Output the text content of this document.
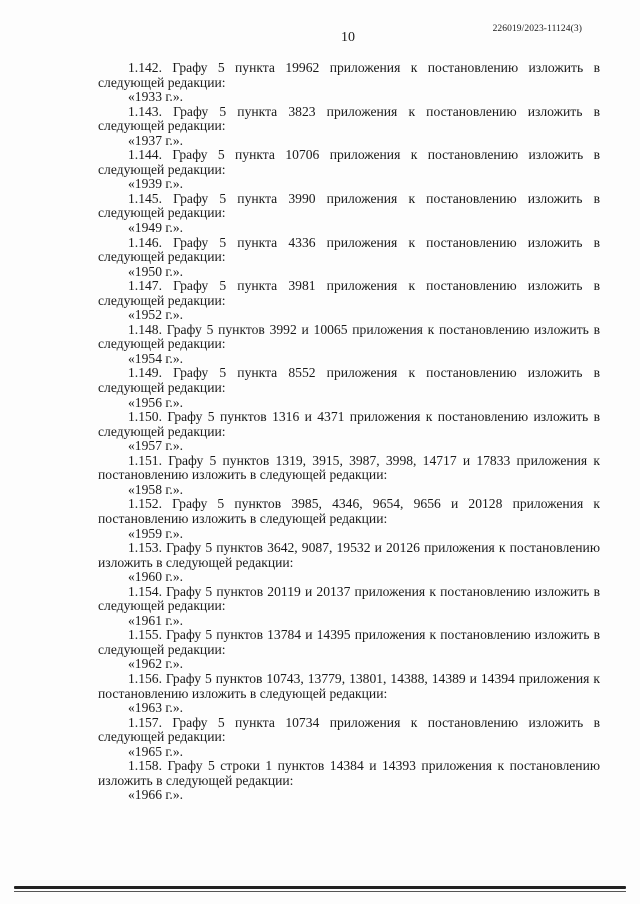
226019/2023-11124(3)
10

1.142. Графу 5 пункта 19962 приложения к постановлению изложить в следующей редакции:

«1933 г.».

1.143. Графу 5 пункта 3823 приложения к постановлению изложить в следующей редакции:

«1937 г.».

1.144. Графу 5 пункта 10706 приложения к постановлению изложить в следующей редакции:

«1939 г.».

1.145. Графу 5 пункта 3990 приложения к постановлению изложить в следующей редакции:

«1949 г.».

1.146. Графу 5 пункта 4336 приложения к постановлению изложить в следующей редакции:

«1950 г.».

1.147. Графу 5 пункта 3981 приложения к постановлению изложить в следующей редакции:

«1952 г.».

1.148. Графу 5 пунктов 3992 и 10065 приложения к постановлению изложить в следующей редакции:

«1954 г.».

1.149. Графу 5 пункта 8552 приложения к постановлению изложить в следующей редакции:

«1956 г.».

1.150. Графу 5 пунктов 1316 и 4371 приложения к постановлению изложить в следующей редакции:

«1957 г.».

1.151. Графу 5 пунктов 1319, 3915, 3987, 3998, 14717 и 17833 приложения к постановлению изложить в следующей редакции:

«1958 г.».

1.152. Графу 5 пунктов 3985, 4346, 9654, 9656 и 20128 приложения к постановлению изложить в следующей редакции:

«1959 г.».

1.153. Графу 5 пунктов 3642, 9087, 19532 и 20126 приложения к постановлению изложить в следующей редакции:

«1960 г.».

1.154. Графу 5 пунктов 20119 и 20137 приложения к постановлению изложить в следующей редакции:

«1961 г.».

1.155. Графу 5 пунктов 13784 и 14395 приложения к постановлению изложить в следующей редакции:

«1962 г.».

1.156. Графу 5 пунктов 10743, 13779, 13801, 14388, 14389 и 14394 приложения к постановлению изложить в следующей редакции:

«1963 г.».

1.157. Графу 5 пункта 10734 приложения к постановлению изложить в следующей редакции:

«1965 г.».

1.158. Графу 5 строки 1 пунктов 14384 и 14393 приложения к постановлению изложить в следующей редакции:

«1966 г.».
